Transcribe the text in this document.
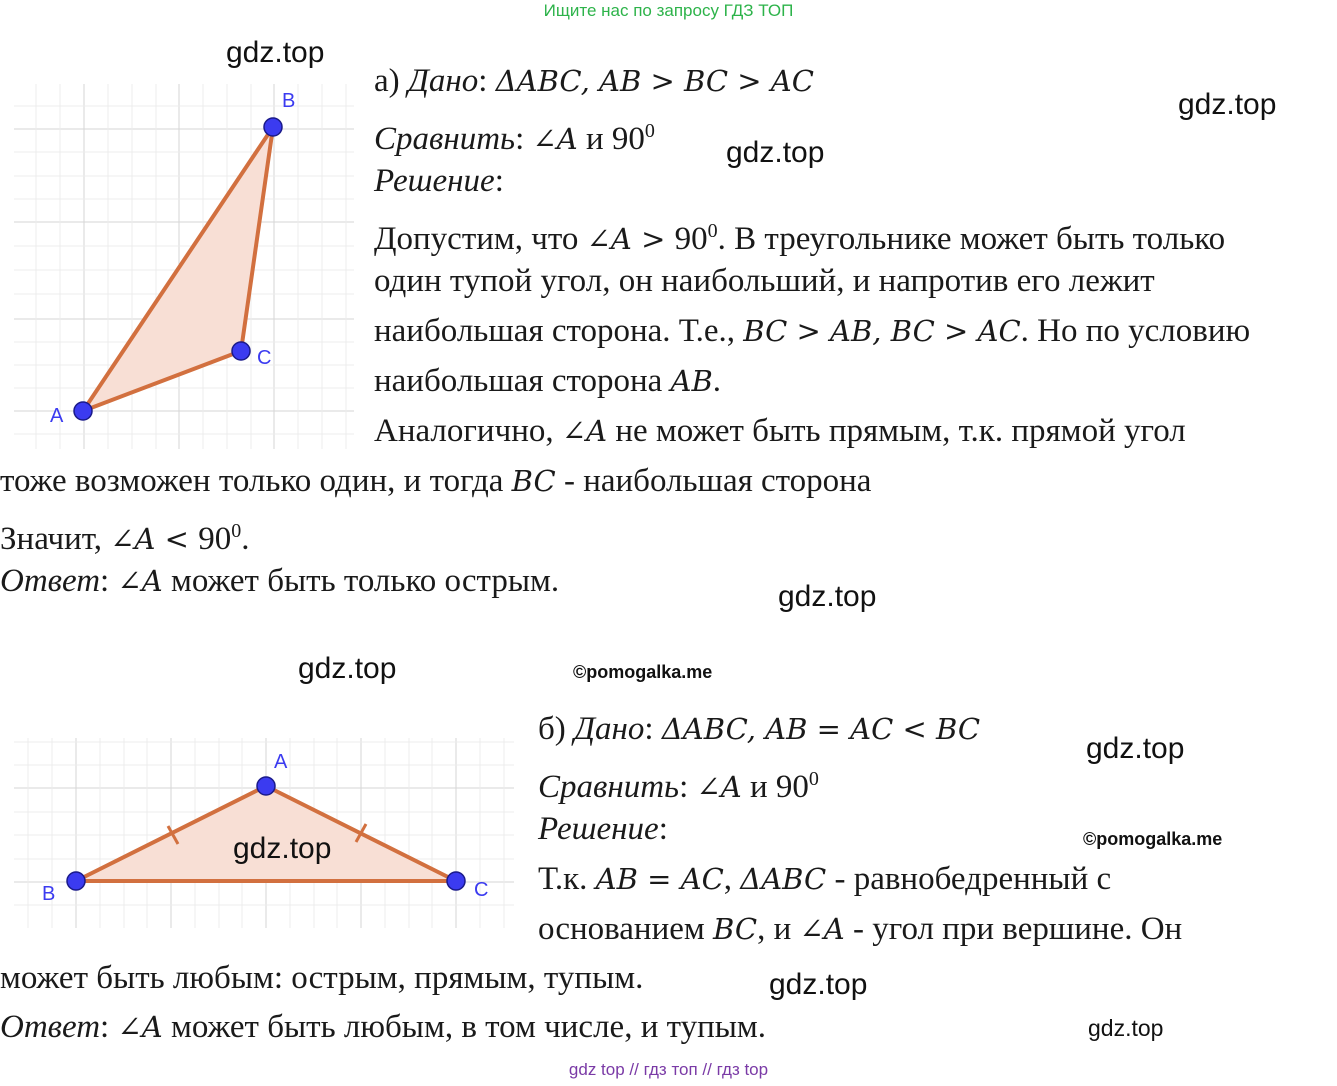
Ищите нас по запросу ГДЗ ТОП
A
B
C
A
B	C
а) Дано: ΔABC, AB > BC > AC
Сравнить: ∠A и $90^0$
Решение:
Допустим, что ∠A > $90^0$. В треугольнике может быть только
один тупой угол, он наибольший, и напротив его лежит
наибольшая сторона. Т.е., BC > AB, BC > AC. Но по условию
наибольшая сторона AB.
Аналогично, ∠A не может быть прямым, т.к. прямой угол
тоже возможен только один, и тогда BC - наибольшая сторона
Значит, ∠A < $90^0$.
Ответ: ∠A может быть только острым.
б) Дано: ΔABC, AB = AC < BC
Сравнить: ∠A и $90^0$
Решение:
Т.к. AB = AC, ΔABC - равнобедренный с
основанием BC, и ∠A - угол при вершине. Он
может быть любым: острым, прямым, тупым.
Ответ: ∠A может быть любым, в том числе, и тупым.
gdz.top
gdz.top
gdz.top
gdz.top
gdz.top
gdz.top
gdz.top
gdz.top
gdz.top
©pomogalka.me
©pomogalka.me
gdz top // гдз топ // гдз top
